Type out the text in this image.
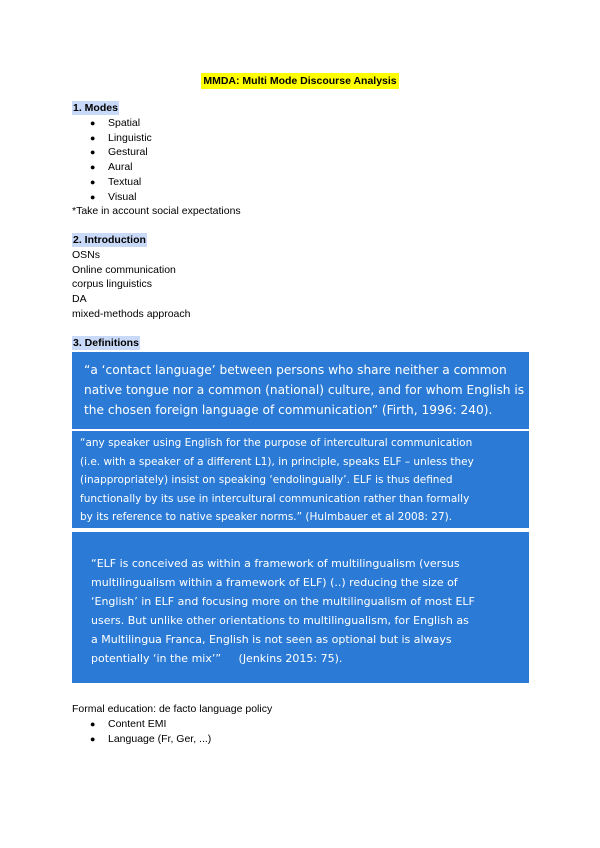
MMDA: Multi Mode Discourse Analysis
1. Modes
● Spatial
● Linguistic
● Gestural
● Aural
● Textual
● Visual
*Take in account social expectations
2. Introduction
OSNs
Online communication
corpus linguistics
DA
mixed-methods approach
3. Definitions
“a ‘contact language’ between persons who share neither a common
native tongue nor a common (national) culture, and for whom English is
the chosen foreign language of communication” (Firth, 1996: 240).
“any speaker using English for the purpose of intercultural communication
(i.e. with a speaker of a different L1), in principle, speaks ELF – unless they
(inappropriately) insist on speaking ‘endolingually’. ELF is thus defined
functionally by its use in intercultural communication rather than formally
by its reference to native speaker norms.” (Hulmbauer et al 2008: 27).
“ELF is conceived as within a framework of multilingualism (versus
multilingualism within a framework of ELF) (..) reducing the size of
‘English’ in ELF and focusing more on the multilingualism of most ELF
users. But unlike other orientations to multilingualism, for English as
a Multilingua Franca, English is not seen as optional but is always
potentially ‘in the mix’”     (Jenkins 2015: 75).
Formal education: de facto language policy
● Content EMI
● Language (Fr, Ger, ...)
